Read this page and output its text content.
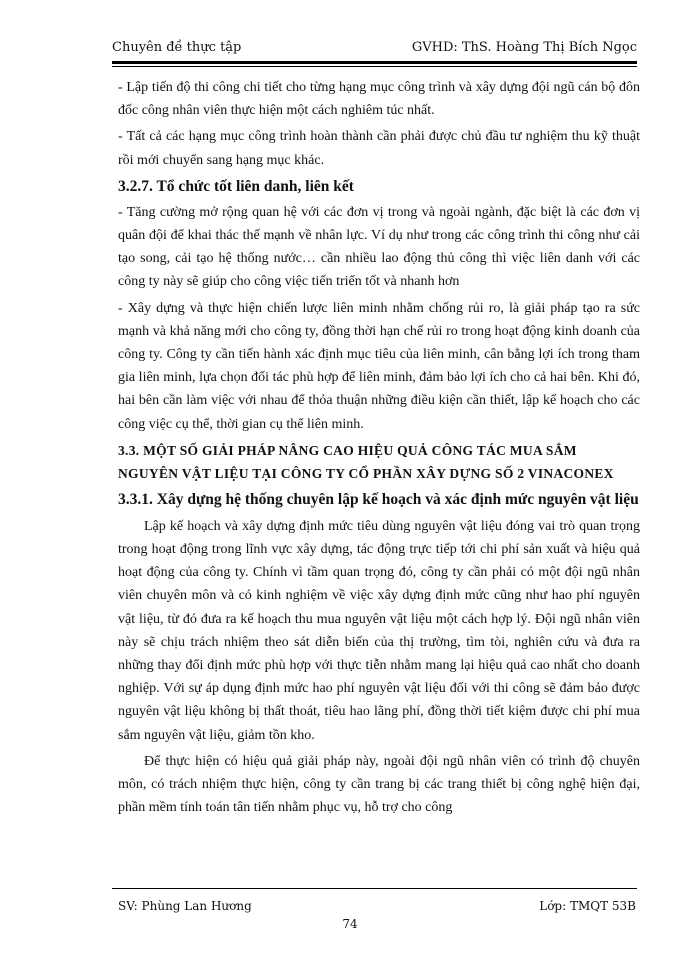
Chuyên đề thực tập	GVHD: ThS. Hoàng Thị Bích Ngọc

- Lập tiến độ thi công chi tiết cho từng hạng mục công trình và xây dựng đội ngũ cán bộ đôn đốc công nhân viên thực hiện một cách nghiêm túc nhất.

- Tất cả các hạng mục công trình hoàn thành cần phải được chủ đầu tư nghiệm thu kỹ thuật rồi mới chuyển sang hạng mục khác.

3.2.7. Tổ chức tốt liên danh, liên kết

- Tăng cường mở rộng quan hệ với các đơn vị trong và ngoài ngành, đặc biệt là các đơn vị quân đội để khai thác thế mạnh về nhân lực. Ví dụ như trong các công trình thi công như cải tạo song, cải tạo hệ thống nước… cần nhiều lao động thủ công thì việc liên danh với các công ty này sẽ giúp cho công việc tiến triển tốt và nhanh hơn

- Xây dựng và thực hiện chiến lược liên minh nhằm chống rủi ro, là giải pháp tạo ra sức mạnh và khả năng mới cho công ty, đồng thời hạn chế rủi ro trong hoạt động kinh doanh của công ty. Công ty cần tiến hành xác định mục tiêu của liên minh, cân bằng lợi ích trong tham gia liên minh, lựa chọn đối tác phù hợp để liên minh, đảm bảo lợi ích cho cả hai bên. Khi đó, hai bên cần làm việc với nhau để thỏa thuận những điều kiện cần thiết, lập kế hoạch cho các công việc cụ thể, thời gian cụ thể liên minh.

3.3. MỘT SỐ GIẢI PHÁP NÂNG CAO HIỆU QUẢ CÔNG TÁC MUA SẮM NGUYÊN VẬT LIỆU TẠI CÔNG TY CỔ PHẦN XÂY DỰNG SỐ 2 VINACONEX
3.3.1. Xây dựng hệ thống chuyên lập kế hoạch và xác định mức nguyên vật liệu

Lập kế hoạch và xây dựng định mức tiêu dùng nguyên vật liệu đóng vai trò quan trọng trong hoạt động trong lĩnh vực xây dựng, tác động trực tiếp tới chi phí sản xuất và hiệu quả hoạt động của công ty. Chính vì tầm quan trọng đó, công ty cần phải có một đội ngũ nhân viên chuyên môn và có kinh nghiệm về việc xây dựng định mức cũng như hao phí nguyên vật liệu, từ đó đưa ra kế hoạch thu mua nguyên vật liệu một cách hợp lý. Đội ngũ nhân viên này sẽ chịu trách nhiệm theo sát diễn biến của thị trường, tìm tòi, nghiên cứu và đưa ra những thay đổi định mức phù hợp với thực tiễn nhằm mang lại hiệu quả cao nhất cho doanh nghiệp. Với sự áp dụng định mức hao phí nguyên vật liệu đối với thi công sẽ đảm bảo được nguyên vật liệu không bị thất thoát, tiêu hao lãng phí, đồng thời tiết kiệm được chi phí mua sắm nguyên vật liệu, giảm tồn kho.

Để thực hiện có hiệu quả giải pháp này, ngoài đội ngũ nhân viên có trình độ chuyên môn, có trách nhiệm thực hiện, công ty cần trang bị các trang thiết bị công nghệ hiện đại, phần mềm tính toán tân tiến nhằm phục vụ, hỗ trợ cho công

SV: Phùng Lan Hương	Lớp: TMQT 53B
74
